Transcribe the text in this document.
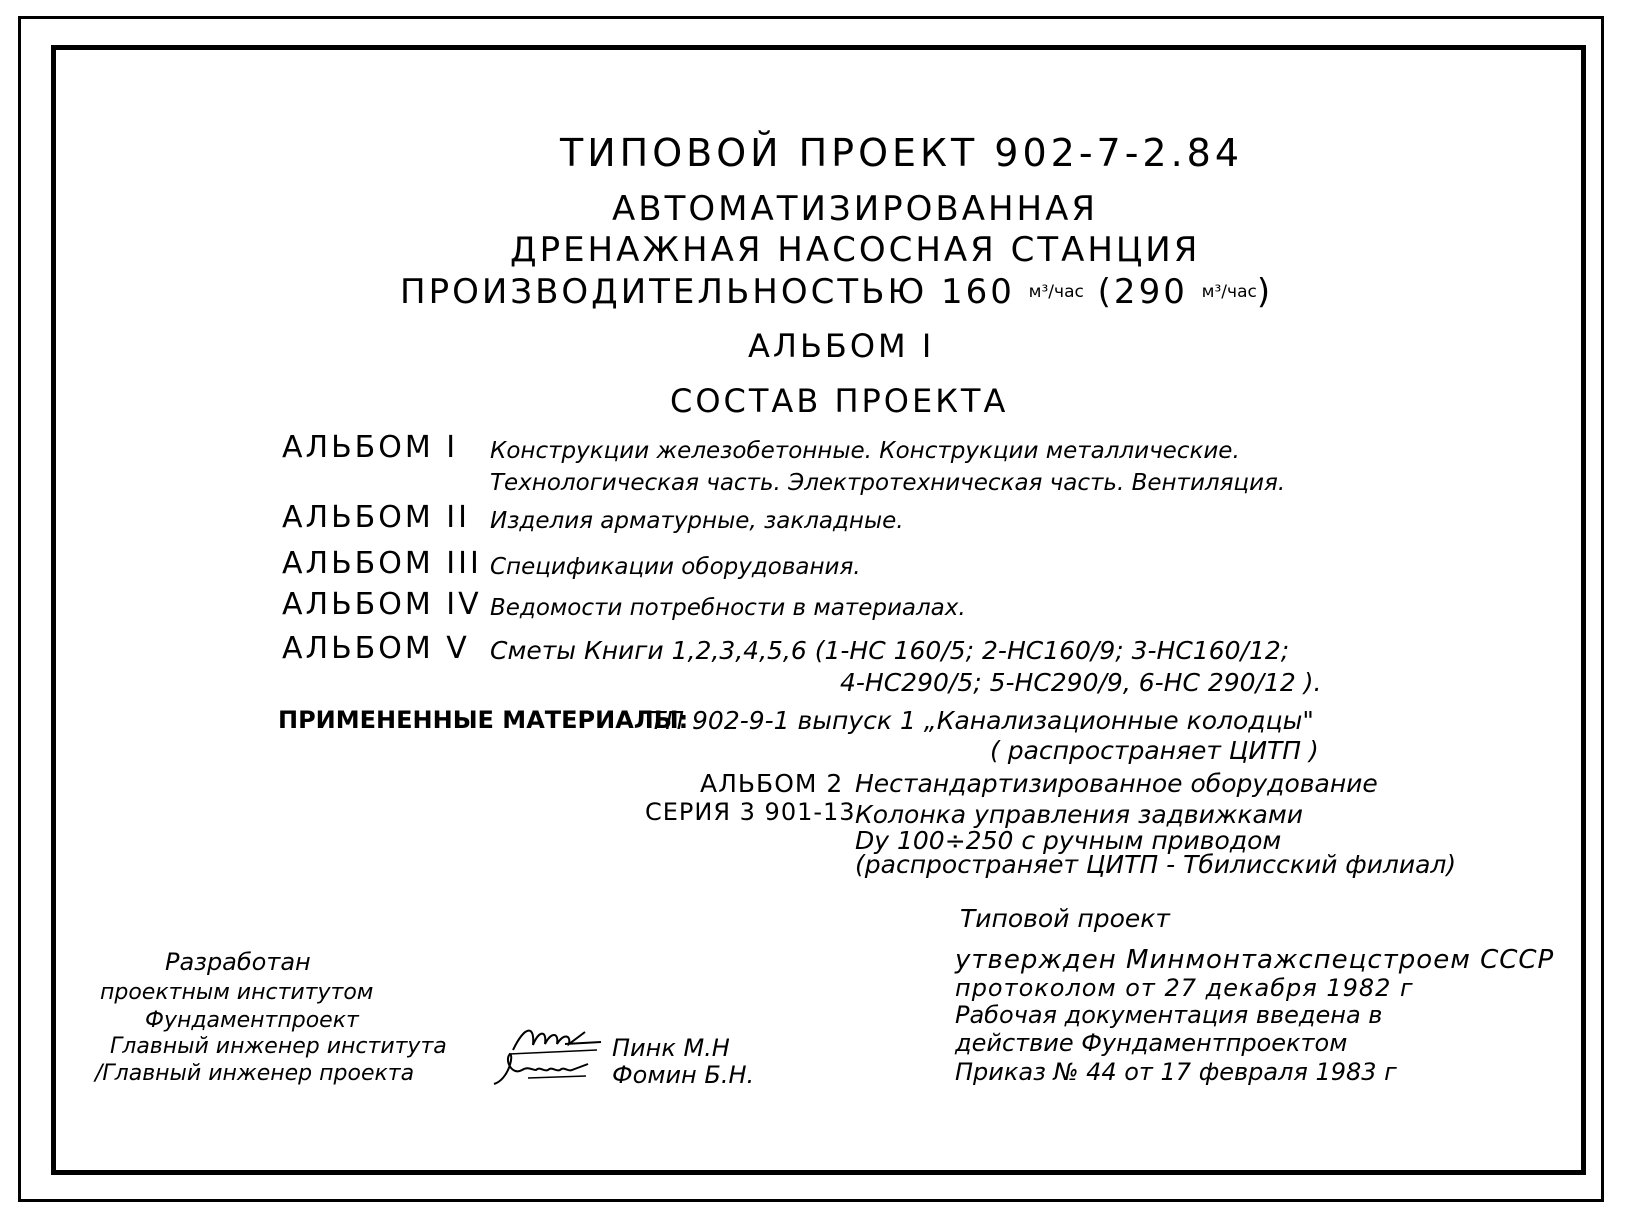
ТИПОВОЙ ПРОЕКТ 902-7-2.84
АВТОМАТИЗИРОВАННАЯ
ДРЕНАЖНАЯ НАСОСНАЯ СТАНЦИЯ
ПРОИЗВОДИТЕЛЬНОСТЬЮ 160 $^{м^3/час}$ (290 $^{м^3/час}$)
АЛЬБОМ I
СОСТАВ ПРОЕКТА
АЛЬБОМ I Конструкции железобетонные. Конструкции металлические.
Технологическая часть. Электротехническая часть. Вентиляция.
АЛЬБОМ II Изделия арматурные, закладные.
АЛЬБОМ III Спецификации оборудования.
АЛЬБОМ IV Ведомости потребности в материалах.
АЛЬБОМ V Сметы Книги 1,2,3,4,5,6 (1-НС 160/5; 2-НС160/9; 3-НС160/12;
4-НС290/5; 5-НС290/9, 6-НС 290/12 ).
ПРИМЕНЕННЫЕ МАТЕРИАЛЫ:
ТП 902-9-1 выпуск 1 „Канализационные колодцы"
( распространяет ЦИТП )
АЛЬБОМ 2 Нестандартизированное оборудование
СЕРИЯ 3 901-13 Колонка управления задвижками
Dу 100÷250 с ручным приводом
(распространяет ЦИТП - Тбилисский филиал)
Типовой проект
утвержден Минмонтажспецстроем СССР
протоколом от 27 декабря 1982 г
Рабочая документация введена в
действие Фундаментпроектом
Приказ № 44 от 17 февраля 1983 г
Разработан
проектным институтом
Фундаментпроект
Главный инженер института
/Главный инженер проекта
Пинк М.Н
Фомин Б.Н.
